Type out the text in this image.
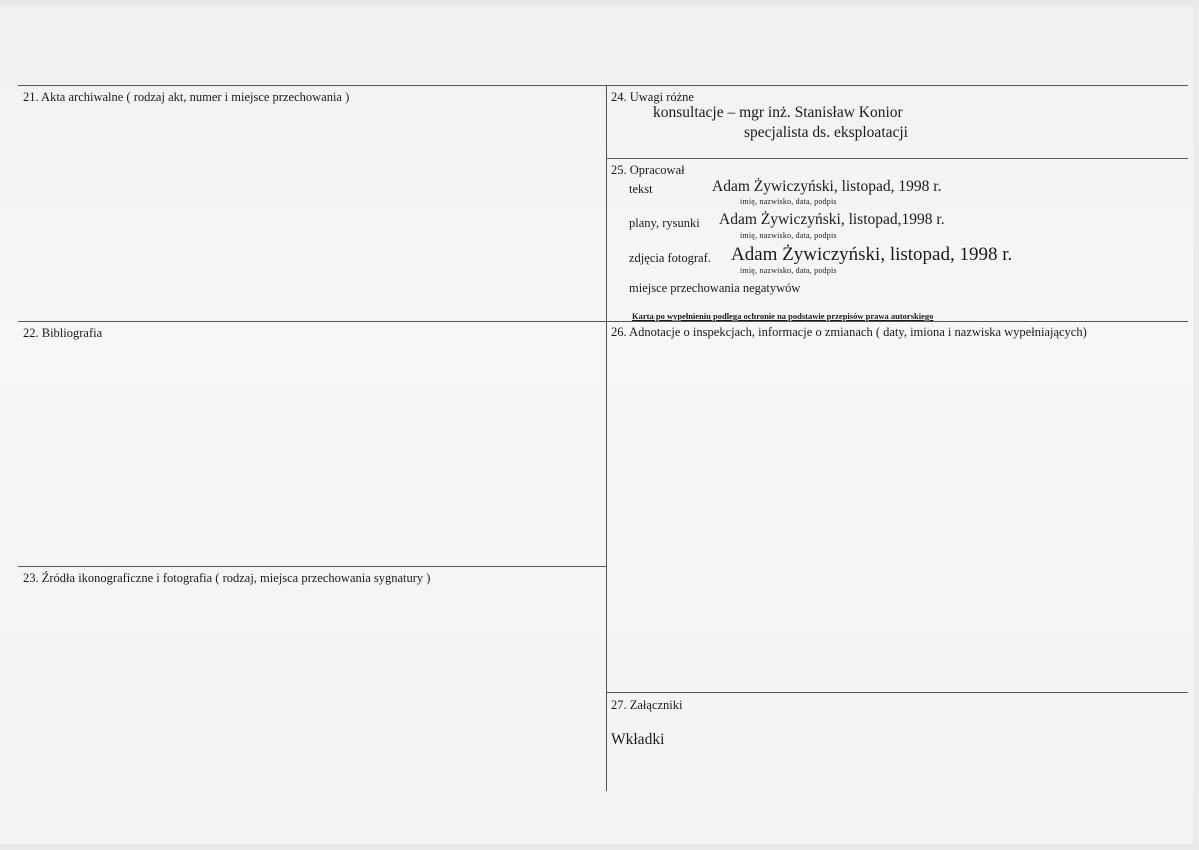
21. Akta archiwalne ( rodzaj akt, numer i miejsce przechowania )
22. Bibliografia
23. Źródła ikonograficzne i fotografia ( rodzaj, miejsca przechowania sygnatury )
24. Uwagi różne
konsultacje – mgr inż. Stanisław Konior
specjalista ds. eksploatacji
25. Opracował
tekst	Adam Żywiczyński, listopad, 1998 r.
imię, nazwisko, data, podpis
plany, rysunki Adam Żywiczyński, listopad,1998 r.
imię, nazwisko, data, podpis
zdjęcia fotograf. Adam Żywiczyński, listopad, 1998 r.
imię, nazwisko, data, podpis
miejsce przechowania negatywów
Karta po wypełnieniu podlega ochronie na podstawie przepisów prawa autorskiego
26. Adnotacje o inspekcjach, informacje o zmianach ( daty, imiona i nazwiska wypełniających)
27. Załączniki
Wkładki
